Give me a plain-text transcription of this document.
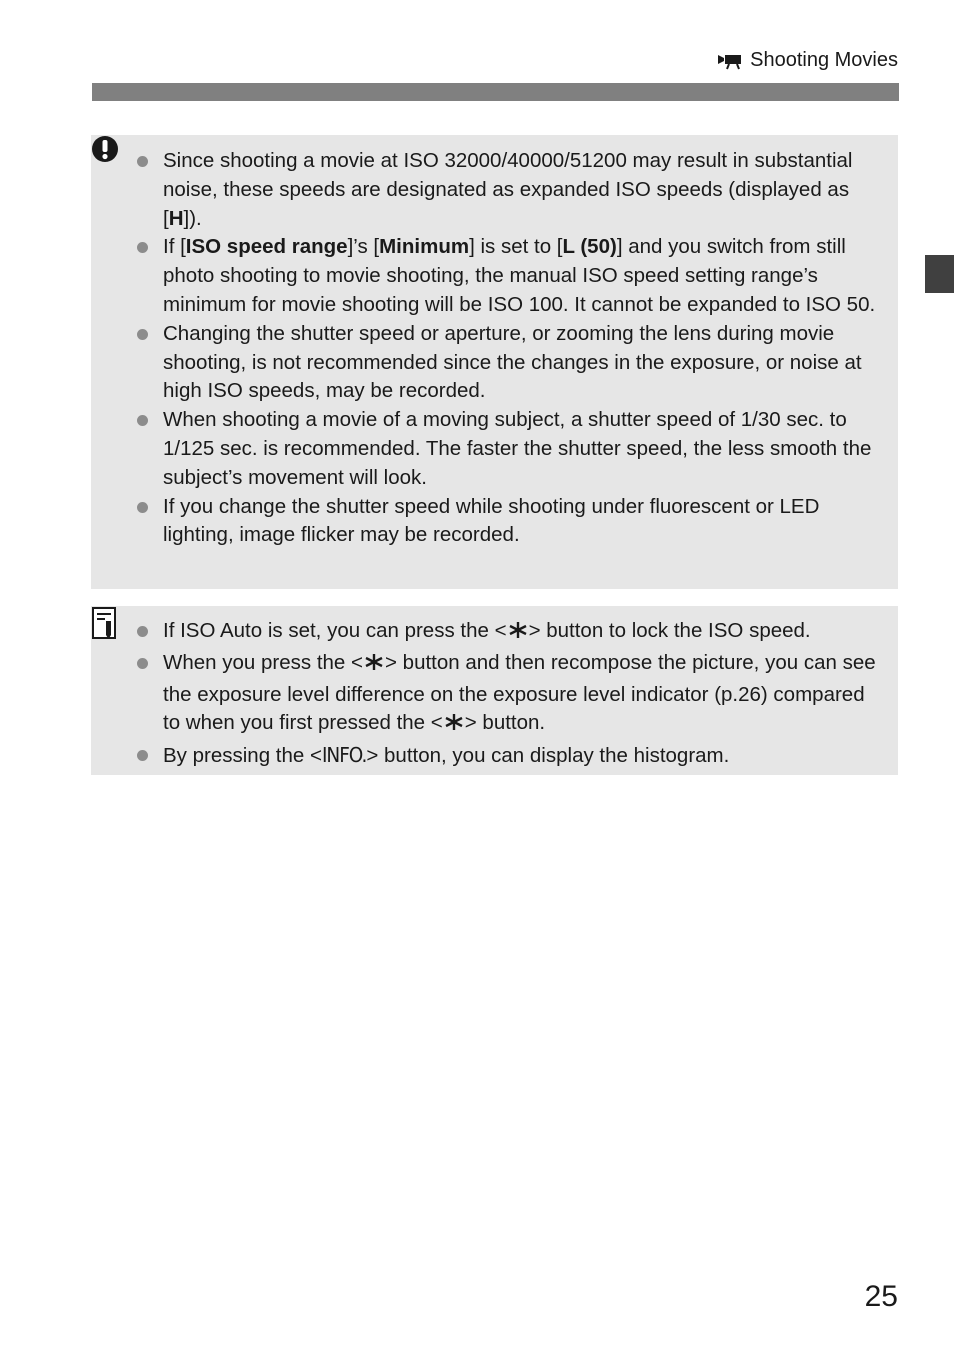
Shooting Movies
Since shooting a movie at ISO 32000/40000/51200 may result in substantial noise, these speeds are designated as expanded ISO speeds (displayed as [H]).
If [ISO speed range]’s [Minimum] is set to [L (50)] and you switch from still photo shooting to movie shooting, the manual ISO speed setting range’s minimum for movie shooting will be ISO 100. It cannot be expanded to ISO 50.
Changing the shutter speed or aperture, or zooming the lens during movie shooting, is not recommended since the changes in the exposure, or noise at high ISO speeds, may be recorded.
When shooting a movie of a moving subject, a shutter speed of 1/30 sec. to 1/125 sec. is recommended. The faster the shutter speed, the less smooth the subject’s movement will look.
If you change the shutter speed while shooting under fluorescent or LED lighting, image flicker may be recorded.
If ISO Auto is set, you can press the < > button to lock the ISO speed.
When you press the < > button and then recompose the picture, you can see the exposure level difference on the exposure level indicator (p.26) compared to when you first pressed the < > button.
By pressing the <INFO.> button, you can display the histogram.
25
